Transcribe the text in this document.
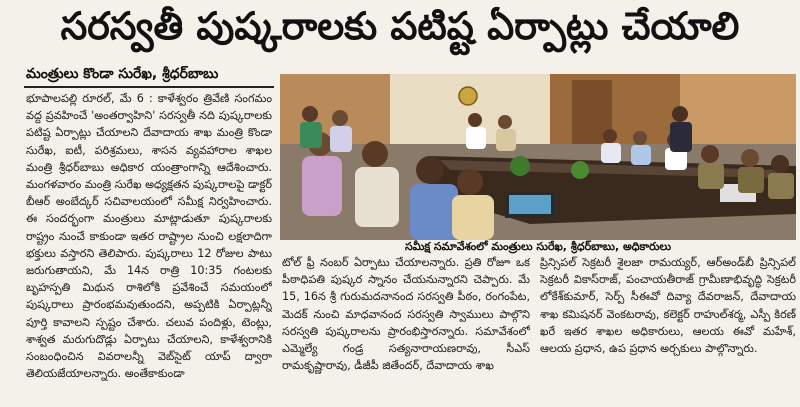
సరస్వతీ పుష్కరాలకు పటిష్ట ఏర్పాట్లు చేయాలి
మంత్రులు కొండా సురేఖ, శ్రీధర్‌బాబు
భూపాలపల్లి రూరల్, మే 6 : కాళేశ్వరం త్రివేణి సంగమం వద్ద ప్రవహించే 'అంతర్వాహిని' సరస్వతీ నది పుష్కరాలకు పటిష్ట ఏర్పాట్లు చేయాలని దేవాదాయ శాఖ మంత్రి కొండా సురేఖ, ఐటీ, పరిశ్రమలు, శాసన వ్యవహారాల శాఖల మంత్రి శ్రీధర్‌బాబు అధికార యంత్రాంగాన్ని ఆదేశించారు. మంగళవారం మంత్రి సురేఖ అధ్యక్షతన పుష్కరాలపై డాక్టర్ బీఆర్ అంబేద్కర్ సచివాలయంలో సమీక్ష నిర్వహించారు. ఈ సందర్భంగా మంత్రులు మాట్లాడుతూ పుష్కరాలకు రాష్ట్రం నుంచే కాకుండా ఇతర రాష్ట్రాల నుంచి లక్షలాదిగా భక్తులు వస్తారని తెలిపారు. పుష్కరాలు 12 రోజుల పాటు జరుగుతాయని, మే 14న రాత్రి 10:35 గంటలకు బృహస్పతి మిథున రాశిలోకి ప్రవేశించే సమయంలో పుష్కరాలు ప్రారంభమవుతుందని, అప్పటికి ఏర్పాట్లన్నీ పూర్తి కావాలని స్పష్టం చేశారు. చలువ పందిళ్లు, టెంట్లు, శాశ్వత మరుగుదొడ్లు ఏర్పాటు చేయాలని, కాళేశ్వరానికి సంబంధించిన వివరాలన్నీ వెబ్‌సైట్ యాప్ ద్వారా తెలియజేయాలన్నారు. అంతేకాకుండా
సమీక్ష సమావేశంలో మంత్రులు సురేఖ, శ్రీధర్‌బాబు, అధికారులు
టోల్ ఫ్రీ నంబర్ ఏర్పాటు చేయాలన్నారు. ప్రతి రోజూ ఒక పీఠాధిపతి పుష్కర స్నానం చేయనున్నారని చెప్పారు. మే 15, 16న శ్రీ గురుమదనానంద సరస్వతి పీఠం, రంగంపేట, మెదక్ నుంచి మాధవానంద సరస్వతి స్వాములు పాల్గొని సరస్వతి పుష్కరాలను ప్రారంభిస్తారన్నారు. సమావేశంలో ఎమ్మెల్యే గండ్ర సత్యనారాయణరావు, సీఎస్ రామకృష్ణారావు, డీజీపీ జితేందర్, దేవాదాయ శాఖ
ప్రిన్సిపల్ సెక్రటరీ శైలజా రామయ్యర్, ఆర్‌అండ్‌బీ ప్రిన్సిపల్ సెక్రటరీ వికాస్‌రాజ్, పంచాయతీరాజ్ గ్రామీణాభివృద్ధి సెక్రటరీ లోకేశ్‌కుమార్, సెర్ప్ సీఈవో దివ్యా దేవరాజన్, దేవాదాయ శాఖ కమిషనర్ వెంకటరావు, కలెక్టర్ రాహుల్‌శర్మ, ఎస్పీ కిరణ్ ఖరే ఇతర శాఖల అధికారులు, ఆలయ ఈవో మహేశ్, ఆలయ ప్రధాన, ఉప ప్రధాన అర్చకులు పాల్గొన్నారు.
